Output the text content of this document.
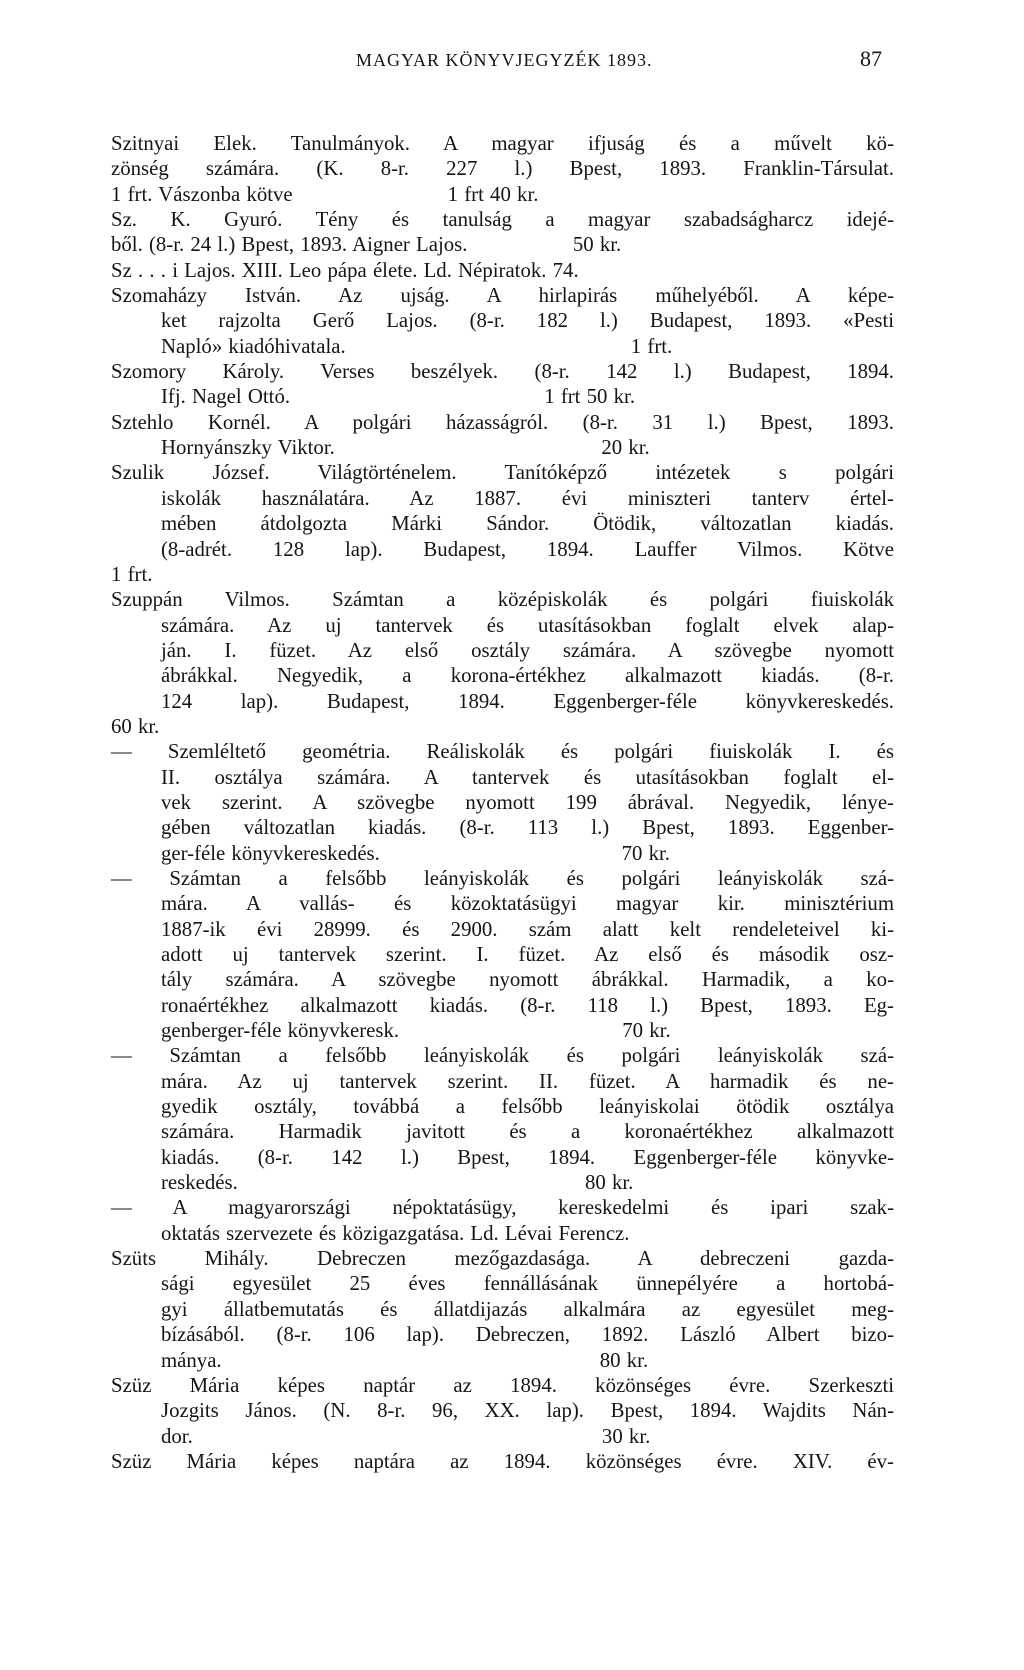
MAGYAR KÖNYVJEGYZÉK 1893.	87
Szitnyai Elek. Tanulmányok. A magyar ifjuság és a művelt kö-
zönség számára. (K. 8-r. 227 l.) Bpest, 1893. Franklin-Társulat.
1 frt. Vászonba kötve                         1 frt 40 kr.
Sz. K. Gyuró. Tény és tanulság a magyar szabadságharcz idejé-
ből. (8-r. 24 l.) Bpest, 1893. Aigner Lajos.                 50 kr.
Sz . . . i Lajos. XIII. Leo pápa élete. Ld. Népiratok. 74.
Szomaházy István. Az ujság. A hirlapirás műhelyéből. A képe-
ket rajzolta Gerő Lajos. (8-r. 182 l.) Budapest, 1893. «Pesti
Napló» kiadóhivatala.                                              1 frt.
Szomory Károly. Verses beszélyek. (8-r. 142 l.) Budapest, 1894.
Ifj. Nagel Ottó.                                         1 frt 50 kr.
Sztehlo Kornél. A polgári házasságról. (8-r. 31 l.) Bpest, 1893.
Hornyánszky Viktor.                                           20 kr.
Szulik József. Világtörténelem. Tanítóképző intézetek s polgári
iskolák használatára. Az 1887. évi miniszteri tanterv értel-
mében átdolgozta Márki Sándor. Ötödik, változatlan kiadás.
(8-adrét. 128 lap). Budapest, 1894. Lauffer Vilmos. Kötve
1 frt.
Szuppán Vilmos. Számtan a középiskolák és polgári fiuiskolák
számára. Az uj tantervek és utasításokban foglalt elvek alap-
ján. I. füzet. Az első osztály számára. A szövegbe nyomott
ábrákkal. Negyedik, a korona-értékhez alkalmazott kiadás. (8-r.
124 lap). Budapest, 1894. Eggenberger-féle könyvkereskedés.
60 kr.
— Szemléltető geométria. Reáliskolák és polgári fiuiskolák I. és
II. osztálya számára. A tantervek és utasításokban foglalt el-
vek szerint. A szövegbe nyomott 199 ábrával. Negyedik, lénye-
gében változatlan kiadás. (8-r. 113 l.) Bpest, 1893. Eggenber-
ger-féle könyvkereskedés.                                       70 kr.
— Számtan a felsőbb leányiskolák és polgári leányiskolák szá-
mára. A vallás- és közoktatásügyi magyar kir. minisztérium
1887-ik évi 28999. és 2900. szám alatt kelt rendeleteivel ki-
adott uj tantervek szerint. I. füzet. Az első és második osz-
tály számára. A szövegbe nyomott ábrákkal. Harmadik, a ko-
ronaértékhez alkalmazott kiadás. (8-r. 118 l.) Bpest, 1893. Eg-
genberger-féle könyvkeresk.                                    70 kr.
— Számtan a felsőbb leányiskolák és polgári leányiskolák szá-
mára. Az uj tantervek szerint. II. füzet. A harmadik és ne-
gyedik osztály, továbbá a felsőbb leányiskolai ötödik osztálya
számára. Harmadik javitott és a koronaértékhez alkalmazott
kiadás. (8-r. 142 l.) Bpest, 1894. Eggenberger-féle könyvke-
reskedés.                                                        80 kr.
— A magyarországi népoktatásügy, kereskedelmi és ipari szak-
oktatás szervezete és közigazgatása. Ld. Lévai Ferencz.
Szüts Mihály. Debreczen mezőgazdasága. A debreczeni gazda-
sági egyesület 25 éves fennállásának ünnepélyére a hortobá-
gyi állatbemutatás és állatdijazás alkalmára az egyesület meg-
bízásából. (8-r. 106 lap). Debreczen, 1892. László Albert bizo-
mánya.                                                             80 kr.
Szüz Mária képes naptár az 1894. közönséges évre. Szerkeszti
Jozgits János. (N. 8-r. 96, XX. lap). Bpest, 1894. Wajdits Nán-
dor.                                                                  30 kr.
Szüz Mária képes naptára az 1894. közönséges évre. XIV. év-
